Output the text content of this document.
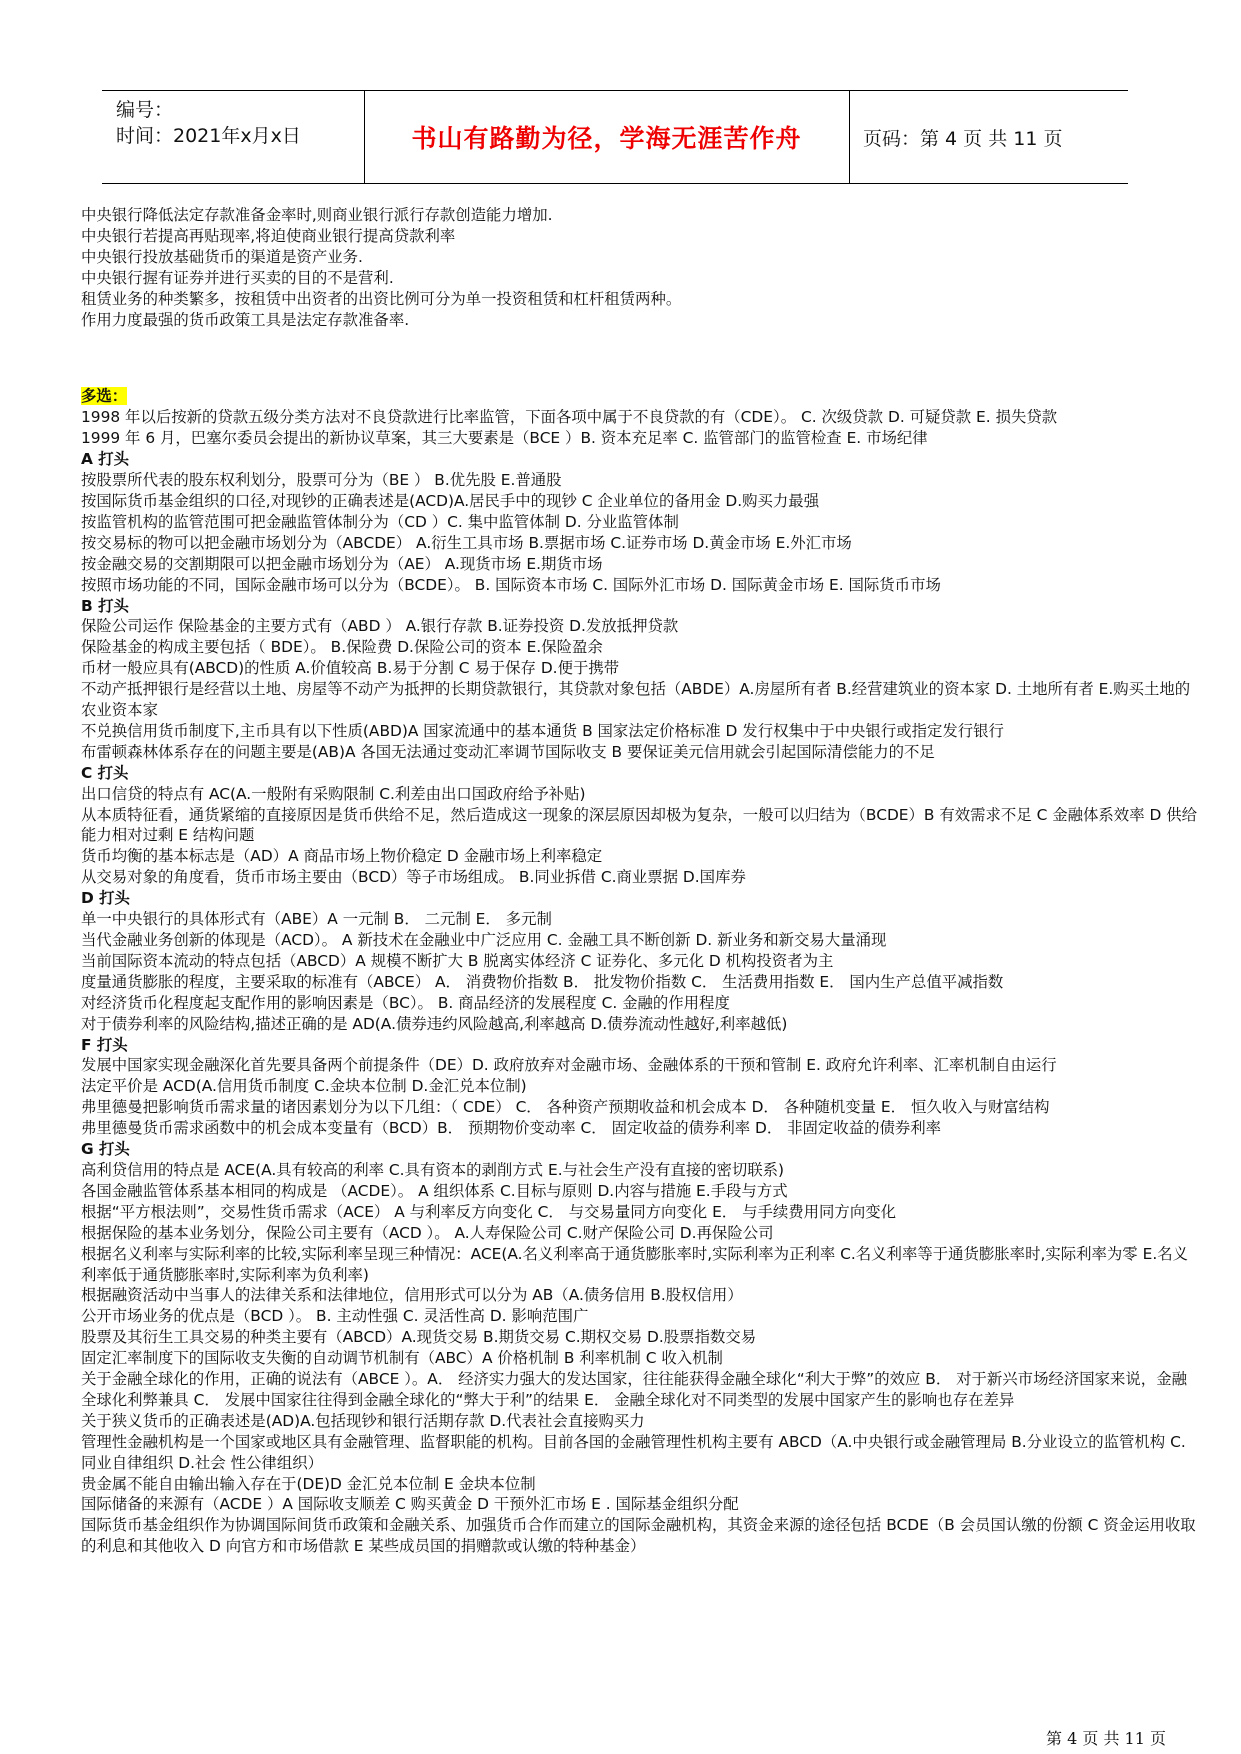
编号：
时间：2021年x月x日	书山有路勤为径，学海无涯苦作舟	页码：第 4 页 共 11 页

中央银行降低法定存款准备金率时,则商业银行派行存款创造能力增加.

中央银行若提高再贴现率,将迫使商业银行提高贷款利率

中央银行投放基础货币的渠道是资产业务.

中央银行握有证券并进行买卖的目的不是营利.

租赁业务的种类繁多，按租赁中出资者的出资比例可分为单一投资租赁和杠杆租赁两种。

作用力度最强的货币政策工具是法定存款准备率.

多选：

1998 年以后按新的贷款五级分类方法对不良贷款进行比率监管，下面各项中属于不良贷款的有（CDE）。 C. 次级贷款 D. 可疑贷款 E. 损失贷款

1999 年 6 月，巴塞尔委员会提出的新协议草案，其三大要素是（BCE ）B. 资本充足率 C. 监管部门的监管检查 E. 市场纪律

A 打头

按股票所代表的股东权利划分，股票可分为（BE ） B.优先股 E.普通股

按国际货币基金组织的口径,对现钞的正确表述是(ACD)A.居民手中的现钞 C 企业单位的备用金 D.购买力最强

按监管机构的监管范围可把金融监管体制分为（CD ）C. 集中监管体制 D. 分业监管体制

按交易标的物可以把金融市场划分为（ABCDE） A.衍生工具市场 B.票据市场 C.证券市场 D.黄金市场 E.外汇市场

按金融交易的交割期限可以把金融市场划分为（AE） A.现货市场 E.期货市场

按照市场功能的不同，国际金融市场可以分为（BCDE）。 B. 国际资本市场 C. 国际外汇市场 D. 国际黄金市场 E. 国际货币市场

B 打头

保险公司运作 保险基金的主要方式有（ABD ） A.银行存款 B.证券投资 D.发放抵押贷款

保险基金的构成主要包括（ BDE）。 B.保险费 D.保险公司的资本 E.保险盈余

币材一般应具有(ABCD)的性质 A.价值较高 B.易于分割 C 易于保存 D.便于携带

不动产抵押银行是经营以土地、房屋等不动产为抵押的长期贷款银行，其贷款对象包括（ABDE）A.房屋所有者 B.经营建筑业的资本家 D. 土地所有者 E.购买土地的农业资本家

不兑换信用货币制度下,主币具有以下性质(ABD)A 国家流通中的基本通货 B 国家法定价格标准 D 发行权集中于中央银行或指定发行银行

布雷顿森林体系存在的问题主要是(AB)A 各国无法通过变动汇率调节国际收支 B 要保证美元信用就会引起国际清偿能力的不足

C 打头

出口信贷的特点有 AC(A.一般附有采购限制 C.利差由出口国政府给予补贴)

从本质特征看，通货紧缩的直接原因是货币供给不足，然后造成这一现象的深层原因却极为复杂，一般可以归结为（BCDE）B 有效需求不足 C 金融体系效率 D 供给能力相对过剩 E 结构问题

货币均衡的基本标志是（AD）A 商品市场上物价稳定 D 金融市场上利率稳定

从交易对象的角度看，货币市场主要由（BCD）等子市场组成。 B.同业拆借 C.商业票据 D.国库券

D 打头

单一中央银行的具体形式有（ABE）A 一元制 B． 二元制 E． 多元制

当代金融业务创新的体现是（ACD）。 A 新技术在金融业中广泛应用 C. 金融工具不断创新 D. 新业务和新交易大量涌现

当前国际资本流动的特点包括（ABCD）A 规模不断扩大 B 脱离实体经济 C 证券化、多元化 D 机构投资者为主

度量通货膨胀的程度，主要采取的标准有（ABCE） A． 消费物价指数 B． 批发物价指数 C． 生活费用指数 E． 国内生产总值平减指数

对经济货币化程度起支配作用的影响因素是（BC）。 B. 商品经济的发展程度 C. 金融的作用程度

对于债券利率的风险结构,描述正确的是 AD(A.债券违约风险越高,利率越高 D.债券流动性越好,利率越低)

F 打头

发展中国家实现金融深化首先要具备两个前提条件（DE）D. 政府放弃对金融市场、金融体系的干预和管制 E. 政府允许利率、汇率机制自由运行

法定平价是 ACD(A.信用货币制度 C.金块本位制 D.金汇兑本位制)

弗里德曼把影响货币需求量的诸因素划分为以下几组：（ CDE） C． 各种资产预期收益和机会成本 D． 各种随机变量 E． 恒久收入与财富结构

弗里德曼货币需求函数中的机会成本变量有（BCD）B． 预期物价变动率 C． 固定收益的债券利率 D． 非固定收益的债券利率

G 打头

高利贷信用的特点是 ACE(A.具有较高的利率 C.具有资本的剥削方式 E.与社会生产没有直接的密切联系)

各国金融监管体系基本相同的构成是 （ACDE）。 A 组织体系 C.目标与原则 D.内容与措施 E.手段与方式

根据“平方根法则”，交易性货币需求（ACE） A 与利率反方向变化 C． 与交易量同方向变化 E． 与手续费用同方向变化

根据保险的基本业务划分，保险公司主要有（ACD ）。 A.人寿保险公司 C.财产保险公司 D.再保险公司

根据名义利率与实际利率的比较,实际利率呈现三种情况：ACE(A.名义利率高于通货膨胀率时,实际利率为正利率 C.名义利率等于通货膨胀率时,实际利率为零 E.名义利率低于通货膨胀率时,实际利率为负利率)

根据融资活动中当事人的法律关系和法律地位，信用形式可以分为 AB（A.债务信用 B.股权信用）

公开市场业务的优点是（BCD ）。 B. 主动性强 C. 灵活性高 D. 影响范围广

股票及其衍生工具交易的种类主要有（ABCD）A.现货交易 B.期货交易 C.期权交易 D.股票指数交易

固定汇率制度下的国际收支失衡的自动调节机制有（ABC）A 价格机制 B 利率机制 C 收入机制

关于金融全球化的作用，正确的说法有（ABCE ）。A． 经济实力强大的发达国家，往往能获得金融全球化“利大于弊”的效应 B． 对于新兴市场经济国家来说，金融全球化利弊兼具 C． 发展中国家往往得到金融全球化的“弊大于利”的结果 E． 金融全球化对不同类型的发展中国家产生的影响也存在差异

关于狭义货币的正确表述是(AD)A.包括现钞和银行活期存款 D.代表社会直接购买力

管理性金融机构是一个国家或地区具有金融管理、监督职能的机构。目前各国的金融管理性机构主要有 ABCD（A.中央银行或金融管理局 B.分业设立的监管机构 C.同业自律组织 D.社会 性公律组织）

贵金属不能自由输出输入存在于(DE)D 金汇兑本位制 E 金块本位制

国际储备的来源有（ACDE ）A 国际收支顺差 C 购买黄金 D 干预外汇市场 E . 国际基金组织分配

国际货币基金组织作为协调国际间货币政策和金融关系、加强货币合作而建立的国际金融机构，其资金来源的途径包括 BCDE（B 会员国认缴的份额 C 资金运用收取的利息和其他收入 D 向官方和市场借款 E 某些成员国的捐赠款或认缴的特种基金）

第 4 页 共 11 页
